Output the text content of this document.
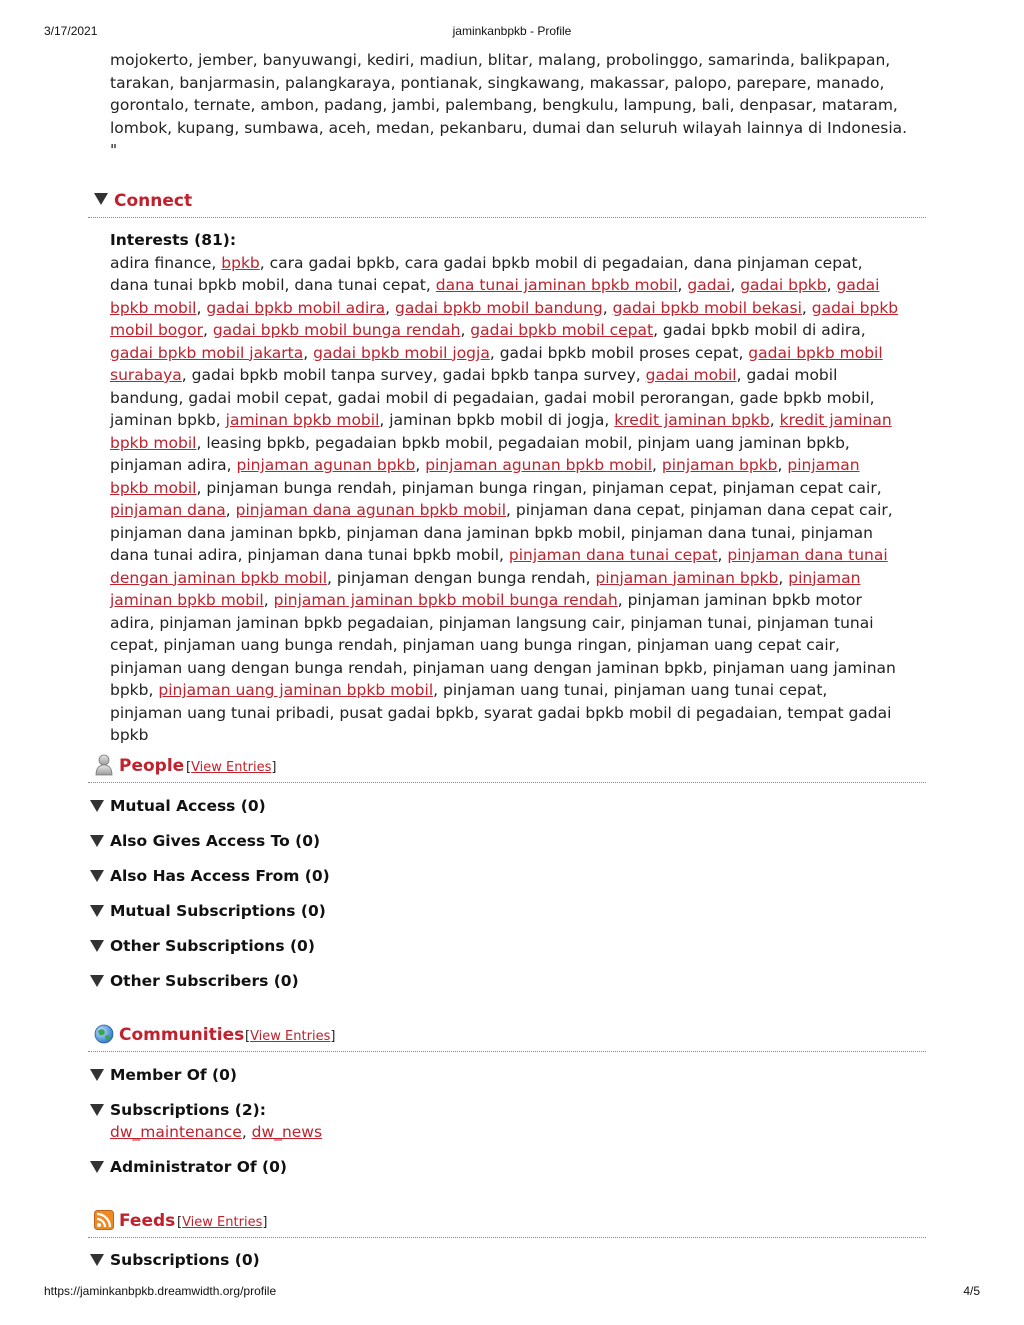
3/17/2021	jaminkanbpkb - Profile
mojokerto, jember, banyuwangi, kediri, madiun, blitar, malang, probolinggo, samarinda, balikpapan,
tarakan, banjarmasin, palangkaraya, pontianak, singkawang, makassar, palopo, parepare, manado,
gorontalo, ternate, ambon, padang, jambi, palembang, bengkulu, lampung, bali, denpasar, mataram,
lombok, kupang, sumbawa, aceh, medan, pekanbaru, dumai dan seluruh wilayah lainnya di Indonesia.
"
Connect
Interests (81):
adira finance, bpkb, cara gadai bpkb, cara gadai bpkb mobil di pegadaian, dana pinjaman cepat, dana tunai bpkb mobil, dana tunai cepat, dana tunai jaminan bpkb mobil, gadai, gadai bpkb, gadai bpkb mobil, gadai bpkb mobil adira, gadai bpkb mobil bandung, gadai bpkb mobil bekasi, gadai bpkb mobil bogor, gadai bpkb mobil bunga rendah, gadai bpkb mobil cepat, gadai bpkb mobil di adira, gadai bpkb mobil jakarta, gadai bpkb mobil jogja, gadai bpkb mobil proses cepat, gadai bpkb mobil surabaya, gadai bpkb mobil tanpa survey, gadai bpkb tanpa survey, gadai mobil, gadai mobil bandung, gadai mobil cepat, gadai mobil di pegadaian, gadai mobil perorangan, gade bpkb mobil, jaminan bpkb, jaminan bpkb mobil, jaminan bpkb mobil di jogja, kredit jaminan bpkb, kredit jaminan bpkb mobil, leasing bpkb, pegadaian bpkb mobil, pegadaian mobil, pinjam uang jaminan bpkb, pinjaman adira, pinjaman agunan bpkb, pinjaman agunan bpkb mobil, pinjaman bpkb, pinjaman bpkb mobil, pinjaman bunga rendah, pinjaman bunga ringan, pinjaman cepat, pinjaman cepat cair, pinjaman dana, pinjaman dana agunan bpkb mobil, pinjaman dana cepat, pinjaman dana cepat cair, pinjaman dana jaminan bpkb, pinjaman dana jaminan bpkb mobil, pinjaman dana tunai, pinjaman dana tunai adira, pinjaman dana tunai bpkb mobil, pinjaman dana tunai cepat, pinjaman dana tunai dengan jaminan bpkb mobil, pinjaman dengan bunga rendah, pinjaman jaminan bpkb, pinjaman jaminan bpkb mobil, pinjaman jaminan bpkb mobil bunga rendah, pinjaman jaminan bpkb motor adira, pinjaman jaminan bpkb pegadaian, pinjaman langsung cair, pinjaman tunai, pinjaman tunai cepat, pinjaman uang bunga rendah, pinjaman uang bunga ringan, pinjaman uang cepat cair, pinjaman uang dengan bunga rendah, pinjaman uang dengan jaminan bpkb, pinjaman uang jaminan bpkb, pinjaman uang jaminan bpkb mobil, pinjaman uang tunai, pinjaman uang tunai cepat, pinjaman uang tunai pribadi, pusat gadai bpkb, syarat gadai bpkb mobil di pegadaian, tempat gadai bpkb
People [View Entries]
Mutual Access (0)
Also Gives Access To (0)
Also Has Access From (0)
Mutual Subscriptions (0)
Other Subscriptions (0)
Other Subscribers (0)
Communities [View Entries]
Member Of (0)
Subscriptions (2):
dw_maintenance, dw_news
Administrator Of (0)
Feeds [View Entries]
Subscriptions (0)
https://jaminkanbpkb.dreamwidth.org/profile	4/5
